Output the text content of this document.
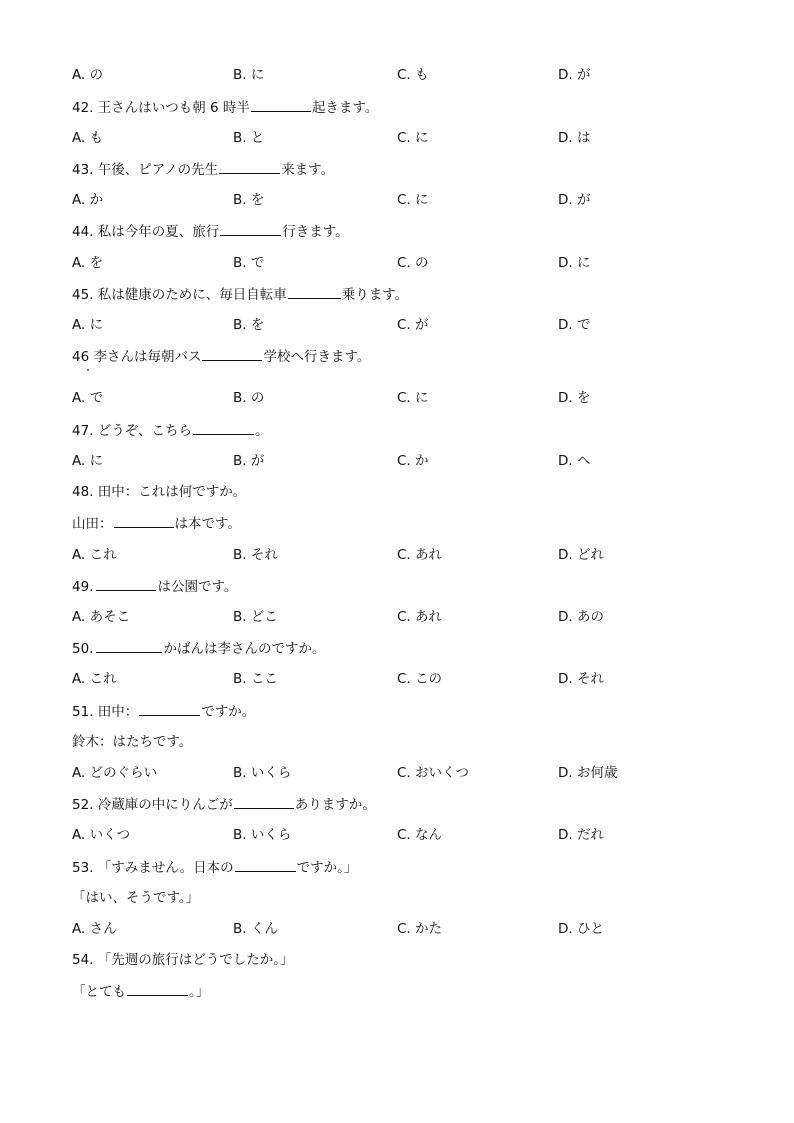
A. の	B. に	C. も	D. が
42. 王さんはいつも朝 6 時半	起きます。
A. も	B. と	C. に	D. は
43. 午後、ピアノの先生	来ます。
A. か	B. を	C. に	D. が
44. 私は今年の夏、旅行	行きます。
A. を	B. で	C. の	D. に
45. 私は健康のために、毎日自転車	乗ります。
A. に	B. を	C. が	D. で
46 李さんは毎朝バス	学校へ行きます。
A. で	B. の	C. に	D. を
47. どうぞ、こちら	。
A. に	B. が	C. か	D. へ
48. 田中：これは何ですか。
山田：	は本です。
A. これ	B. それ	C. あれ	D. どれ
49.	は公園です。
A. あそこ	B. どこ	C. あれ	D. あの
50.	かばんは李さんのですか。
A. これ	B. ここ	C. この	D. それ
51. 田中：	ですか。
鈴木：はたちです。
A. どのぐらい	B. いくら	C. おいくつ	D. お何歳
52. 冷蔵庫の中にりんごが	ありますか。
A. いくつ	B. いくら	C. なん	D. だれ
53. 「すみません。日本の	ですか。」
「はい、そうです。」
A. さん	B. くん	C. かた	D. ひと
54. 「先週の旅行はどうでしたか。」
「とても	。」
